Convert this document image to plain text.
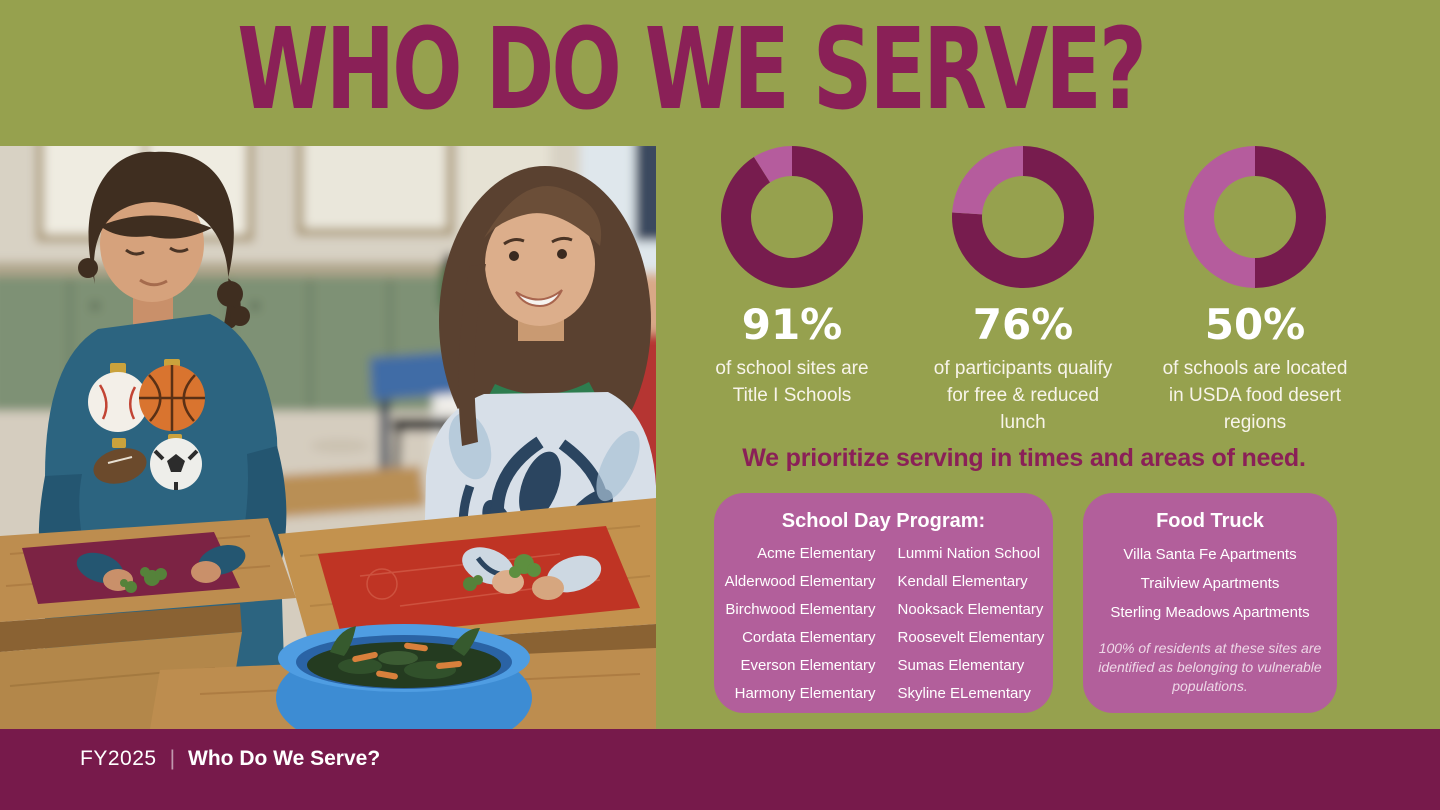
WHO DO WE SERVE?
91%
of school sites are
Title I Schools
76%
of participants qualify
for free & reduced
lunch
50%
of schools are located
in USDA food desert
regions
We prioritize serving in times and areas of need.
School Day Program:
Acme Elementary
Alderwood Elementary
Birchwood Elementary
Cordata Elementary
Everson Elementary
Harmony Elementary
Lummi Nation School
Kendall Elementary
Nooksack Elementary
Roosevelt Elementary
Sumas Elementary
Skyline ELementary
Food Truck
Villa Santa Fe Apartments
Trailview Apartments
Sterling Meadows Apartments

100% of residents at these sites are identified as belonging to vulnerable populations.

FY2025 | Who Do We Serve?
